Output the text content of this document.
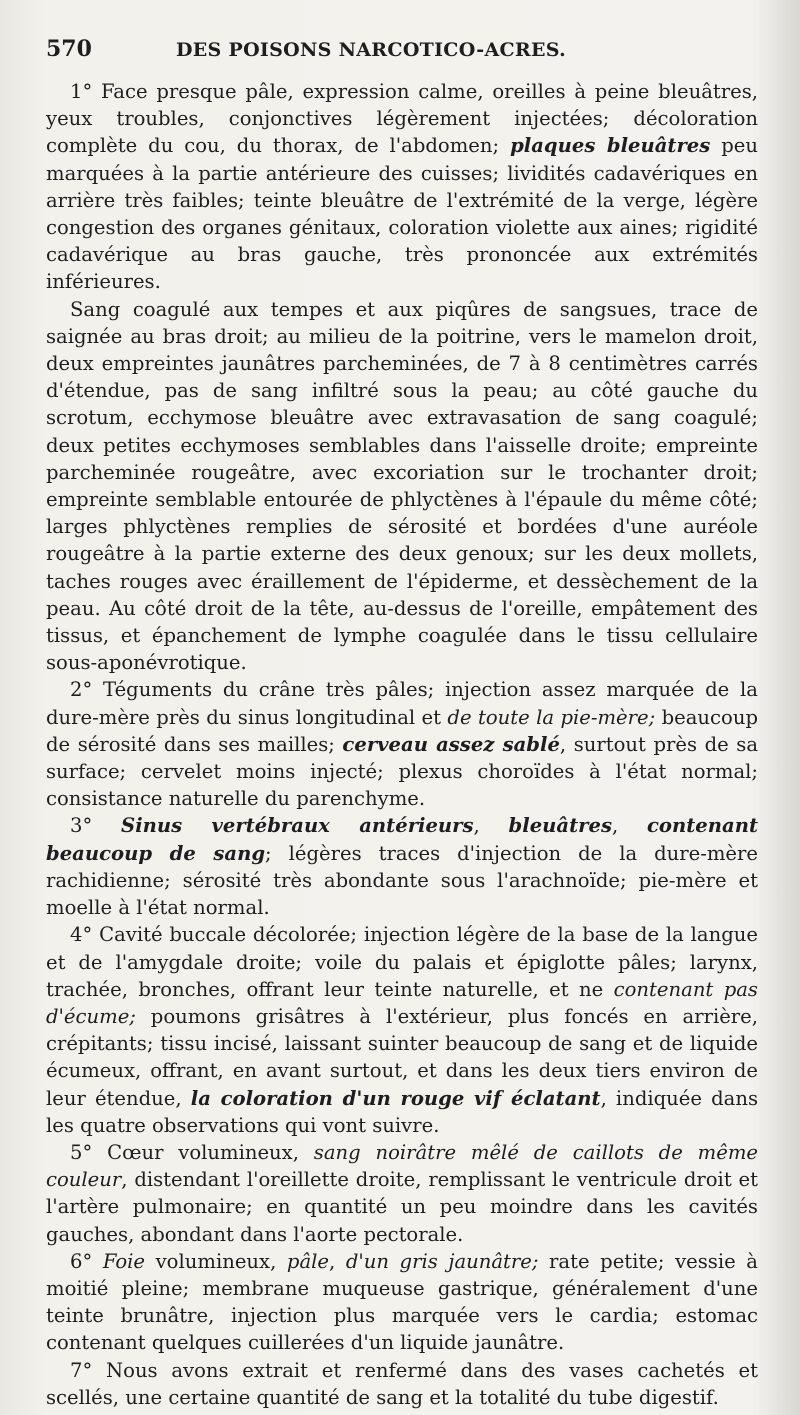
570	DES POISONS NARCOTICO-ACRES.

1° Face presque pâle, expression calme, oreilles à peine bleuâtres, yeux troubles, conjonctives légèrement injectées; décoloration complète du cou, du thorax, de l'abdomen; plaques bleuâtres peu marquées à la partie antérieure des cuisses; lividités cadavériques en arrière très faibles; teinte bleuâtre de l'extrémité de la verge, légère congestion des organes génitaux, coloration violette aux aines; rigidité cadavérique au bras gauche, très prononcée aux extrémités inférieures.

Sang coagulé aux tempes et aux piqûres de sangsues, trace de saignée au bras droit; au milieu de la poitrine, vers le mamelon droit, deux empreintes jaunâtres parcheminées, de 7 à 8 centimètres carrés d'étendue, pas de sang infiltré sous la peau; au côté gauche du scrotum, ecchymose bleuâtre avec extravasation de sang coagulé; deux petites ecchymoses semblables dans l'aisselle droite; empreinte parcheminée rougeâtre, avec excoriation sur le trochanter droit; empreinte semblable entourée de phlyctènes à l'épaule du même côté; larges phlyctènes remplies de sérosité et bordées d'une auréole rougeâtre à la partie externe des deux genoux; sur les deux mollets, taches rouges avec éraillement de l'épiderme, et dessèchement de la peau. Au côté droit de la tête, au-dessus de l'oreille, empâtement des tissus, et épanchement de lymphe coagulée dans le tissu cellulaire sous-aponévrotique.

2° Téguments du crâne très pâles; injection assez marquée de la dure-mère près du sinus longitudinal et de toute la pie-mère; beaucoup de sérosité dans ses mailles; cerveau assez sablé, surtout près de sa surface; cervelet moins injecté; plexus choroïdes à l'état normal; consistance naturelle du parenchyme.

3° Sinus vertébraux antérieurs, bleuâtres, contenant beaucoup de sang; légères traces d'injection de la dure-mère rachidienne; sérosité très abondante sous l'arachnoïde; pie-mère et moelle à l'état normal.

4° Cavité buccale décolorée; injection légère de la base de la langue et de l'amygdale droite; voile du palais et épiglotte pâles; larynx, trachée, bronches, offrant leur teinte naturelle, et ne contenant pas d'écume; poumons grisâtres à l'extérieur, plus foncés en arrière, crépitants; tissu incisé, laissant suinter beaucoup de sang et de liquide écumeux, offrant, en avant surtout, et dans les deux tiers environ de leur étendue, la coloration d'un rouge vif éclatant, indiquée dans les quatre observations qui vont suivre.

5° Cœur volumineux, sang noirâtre mêlé de caillots de même couleur, distendant l'oreillette droite, remplissant le ventricule droit et l'artère pulmonaire; en quantité un peu moindre dans les cavités gauches, abondant dans l'aorte pectorale.

6° Foie volumineux, pâle, d'un gris jaunâtre; rate petite; vessie à moitié pleine; membrane muqueuse gastrique, généralement d'une teinte brunâtre, injection plus marquée vers le cardia; estomac contenant quelques cuillerées d'un liquide jaunâtre.

7° Nous avons extrait et renfermé dans des vases cachetés et scellés, une certaine quantité de sang et la totalité du tube digestif.
